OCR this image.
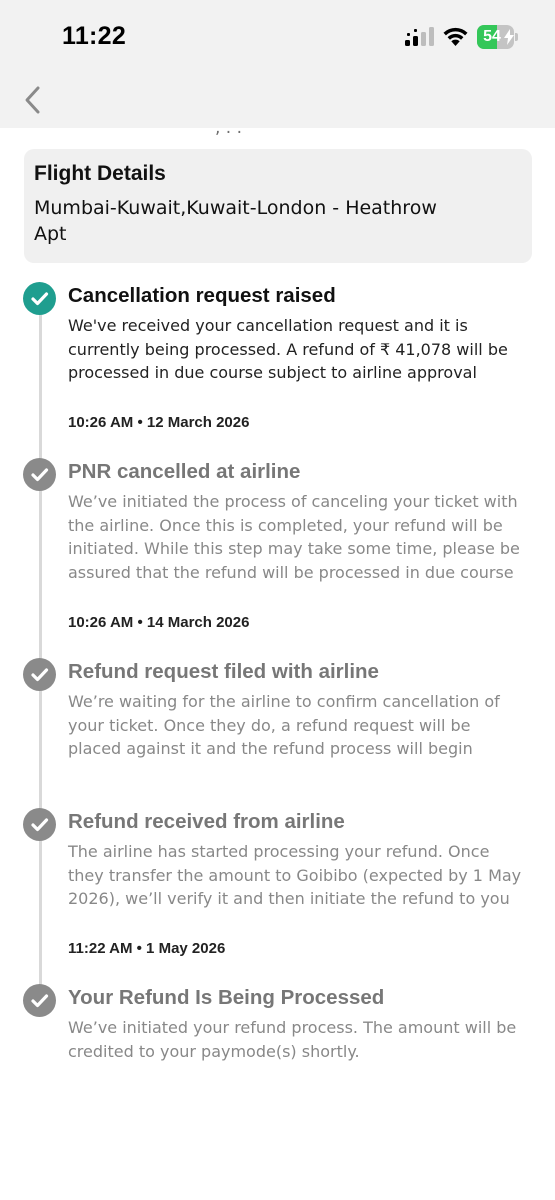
11:22	54
, . .
Flight Details
Mumbai-Kuwait,Kuwait-London - Heathrow Apt
Cancellation request raised
We've received your cancellation request and it is currently being processed. A refund of ₹ 41,078 will be processed in due course subject to airline approval
10:26 AM • 12 March 2026
PNR cancelled at airline
We’ve initiated the process of canceling your ticket with the airline. Once this is completed, your refund will be initiated. While this step may take some time, please be assured that the refund will be processed in due course
10:26 AM • 14 March 2026
Refund request filed with airline
We’re waiting for the airline to confirm cancellation of your ticket. Once they do, a refund request will be placed against it and the refund process will begin
Refund received from airline
The airline has started processing your refund. Once they transfer the amount to Goibibo (expected by 1 May 2026), we’ll verify it and then initiate the refund to you
11:22 AM • 1 May 2026
Your Refund Is Being Processed
We’ve initiated your refund process. The amount will be credited to your paymode(s) shortly.
